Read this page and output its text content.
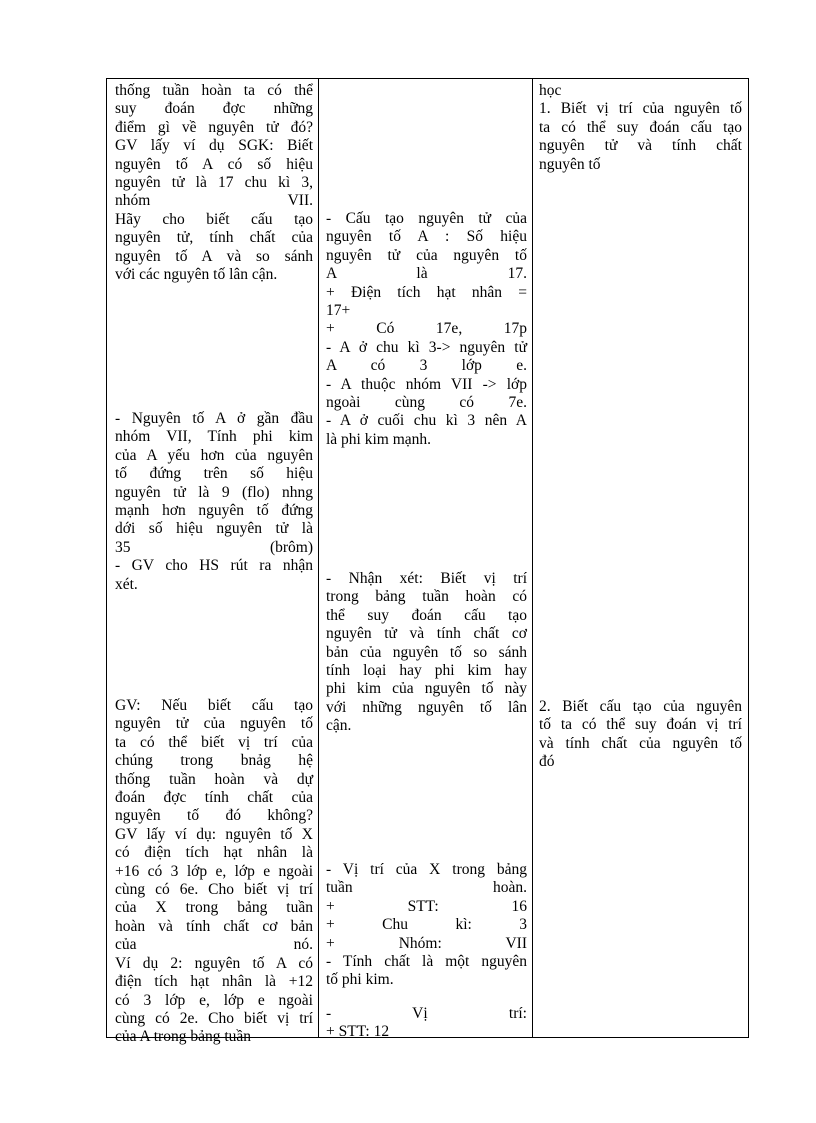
thống tuần hoàn ta có thể
suy đoán đợc những
điểm gì về nguyên tử đó?
GV lấy ví dụ SGK: Biết
nguyên tố A có số hiệu
nguyên tử là 17 chu kì 3,
nhóm VII.
Hãy cho biết cấu tạo
nguyên tử, tính chất của
nguyên tố A và so sánh
với các nguyên tố lân cận.
- Nguyên tố A ở gần đầu
nhóm VII, Tính phi kim
của A yếu hơn của nguyên
tố đứng trên số hiệu
nguyên tử là 9 (flo) nhng
mạnh hơn nguyên tố đứng
dới số hiệu nguyên tử là
35 (brôm)
- GV cho HS rút ra nhận
xét.
GV: Nếu biết cấu tạo
nguyên tử của nguyên tố
ta có thể biết vị trí của
chúng trong bnảg hệ
thống tuần hoàn và dự
đoán đợc tính chất của
nguyên tố đó không?
GV lấy ví dụ: nguyên tố X
có điện tích hạt nhân là
+16 có 3 lớp e, lớp e ngoài
cùng có 6e. Cho biết vị trí
của X trong bảng tuần
hoàn và tính chất cơ bản
của nó.
Ví dụ 2: nguyên tố A có
điện tích hạt nhân là +12
có 3 lớp e, lớp e ngoài
cùng có 2e. Cho biết vị trí
của A trong bảng tuần
- Cấu tạo nguyên tử của
nguyên tố A : Số hiệu
nguyên tử của nguyên tố
A là 17.
+ Điện tích hạt nhân =
17+
+ Có 17e, 17p
- A ở chu kì 3-> nguyên tử
A có 3 lớp e.
- A thuộc nhóm VII -> lớp
ngoài cùng có 7e.
- A ở cuối chu kì 3 nên A
là phi kim mạnh.
- Nhận xét: Biết vị trí
trong bảng tuần hoàn có
thể suy đoán cấu tạo
nguyên tử và tính chất cơ
bản của nguyên tố so sánh
tính loại hay phi kim hay
phi kim của nguyên tố này
với những nguyên tố lân
cận.
- Vị trí của X trong bảng
tuần hoàn.
+ STT: 16
+ Chu kì: 3
+ Nhóm: VII
- Tính chất là một nguyên
tố phi kim.
- Vị trí:
+ STT: 12
học
1. Biết vị trí của nguyên tố
ta có thể suy đoán cấu tạo
nguyên tử và tính chất
nguyên tố
2. Biết cấu tạo của nguyên
tố ta có thể suy đoán vị trí
và tính chất của nguyên tố
đó
